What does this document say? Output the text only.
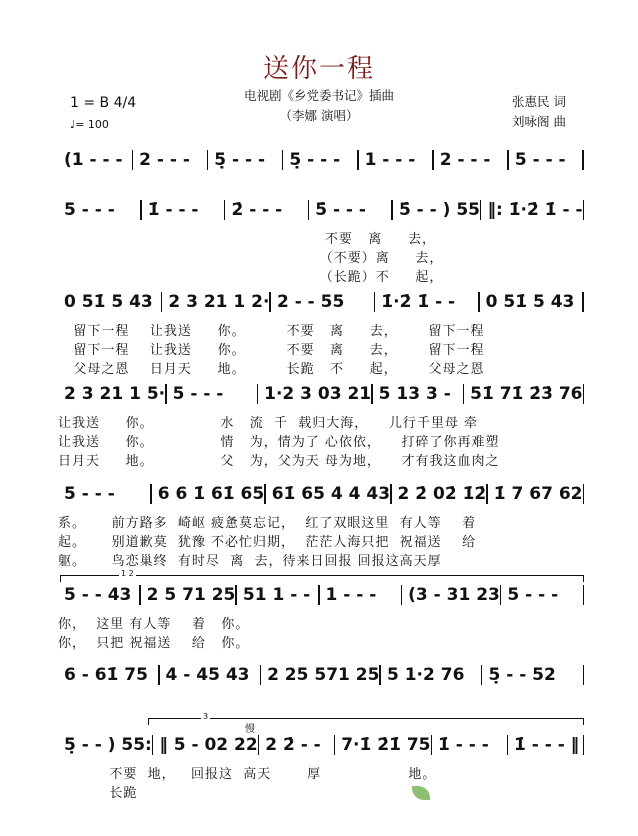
送你一程
电视剧《乡党委书记》插曲
（李娜 演唱）
张惠民 词
刘咏阁 曲
1 = B 4/4
♩= 100
(1 - - - 2 - - -	5̣ - - -	5̣ - - -	1 - - -	2 - - -	5 - - -
5 - - -	1̇ - - -	2̇ - - -	5̇ - - -	5̇ - - ) 55 ‖: 1̇·2̇ 1̇ - -
不要   离     去，
（不要）离     去，
（长跪）不     起，
0 51̇ 5 43 2 3 21 1 2· 2 - - 55	1̇·2̇ 1̇ - -	0 51̇ 5 43
留下一程    让我送     你。        不要   离     去，      留下一程
留下一程    让我送     你。        不要   离     去，      留下一程
父母之恩    日月天     地。        长跪   不     起，      父母之恩
2 3 21 1 5· 5 - - -	1·2 3 03 21 5 13 3 -	51̇ 71̇ 2̇3̇ 76
让我送     你。             水   流  千  载归大海，    儿行千里母 牵
让我送     你。             情   为，情为了 心依依，    打碎了你再难塑
日月天     地。             父   为，父为天 母为地，    才有我这血肉之
5 - - -	6 6 1̇ 61̇ 65 61̇ 65 4 4 43 2 2̇ 02̇ 1̇2̇ 1̇ 7 67 62
系。     前方路多  崎岖 疲惫莫忘记，  红了双眼这里  有人等    着
起。     别道歉莫  犹豫 不必忙归期，  茫茫人海只把  祝福送    给
躯。     鸟恋巢终  有时尽  离  去，待来日回报 回报这高天厚
5 - - 43 2 5 71 25 51 1 - - 1 - - -	(3 - 31 23 5 - - -
你，  这里 有人等    着   你。
你，  只把 祝福送    给   你。
6 - 61̇ 75	4 - 45 43	2 25 571 25 5 1·2 76	5̣ - - 52
5̣ - - ) 55: ‖ 5 - 02 22 2 2̇ - -	7·1̇ 2̇1̇ 75 1̇ - - -	1̇ - - - ‖
不要  地，   回报这  高天       厚                 地。
长跪
1 2
3
慢
